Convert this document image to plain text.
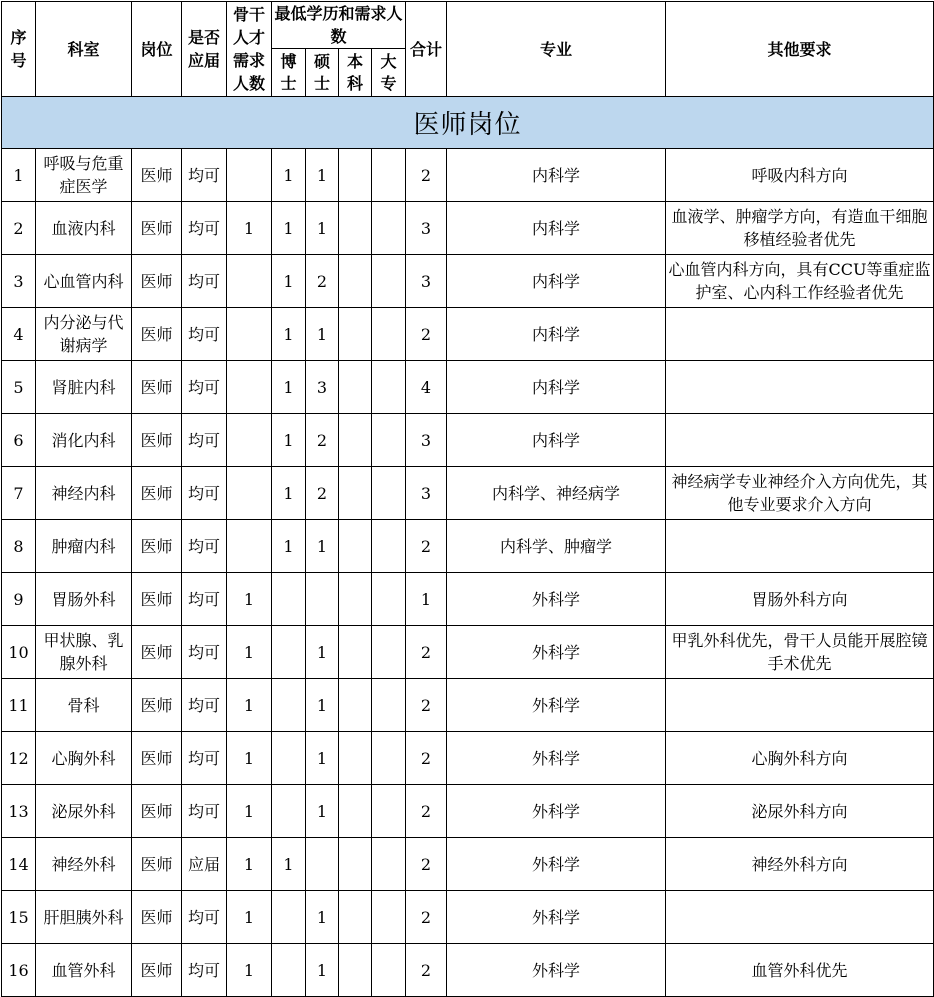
序号	科室	岗位	是否应届	骨干人才需求人数	最低学历和需求人数				合计	专业	其他要求
					博士	硕士	本科	大专			
医师岗位											
1	呼吸与危重症医学	医师	均可		1	1			2	内科学	呼吸内科方向
2	血液内科	医师	均可	1	1	1			3	内科学	血液学、肿瘤学方向，有造血干细胞移植经验者优先
3	心血管内科	医师	均可		1	2			3	内科学	心血管内科方向，具有CCU等重症监护室、心内科工作经验者优先
4	内分泌与代谢病学	医师	均可		1	1			2	内科学	
5	肾脏内科	医师	均可		1	3			4	内科学	
6	消化内科	医师	均可		1	2			3	内科学	
7	神经内科	医师	均可		1	2			3	内科学、神经病学	神经病学专业神经介入方向优先，其他专业要求介入方向
8	肿瘤内科	医师	均可		1	1			2	内科学、肿瘤学	
9	胃肠外科	医师	均可	1					1	外科学	胃肠外科方向
10	甲状腺、乳腺外科	医师	均可	1		1			2	外科学	甲乳外科优先，骨干人员能开展腔镜手术优先
11	骨科	医师	均可	1		1			2	外科学	
12	心胸外科	医师	均可	1		1			2	外科学	心胸外科方向
13	泌尿外科	医师	均可	1		1			2	外科学	泌尿外科方向
14	神经外科	医师	应届	1	1				2	外科学	神经外科方向
15	肝胆胰外科	医师	均可	1		1			2	外科学	
16	血管外科	医师	均可	1		1			2	外科学	血管外科优先
